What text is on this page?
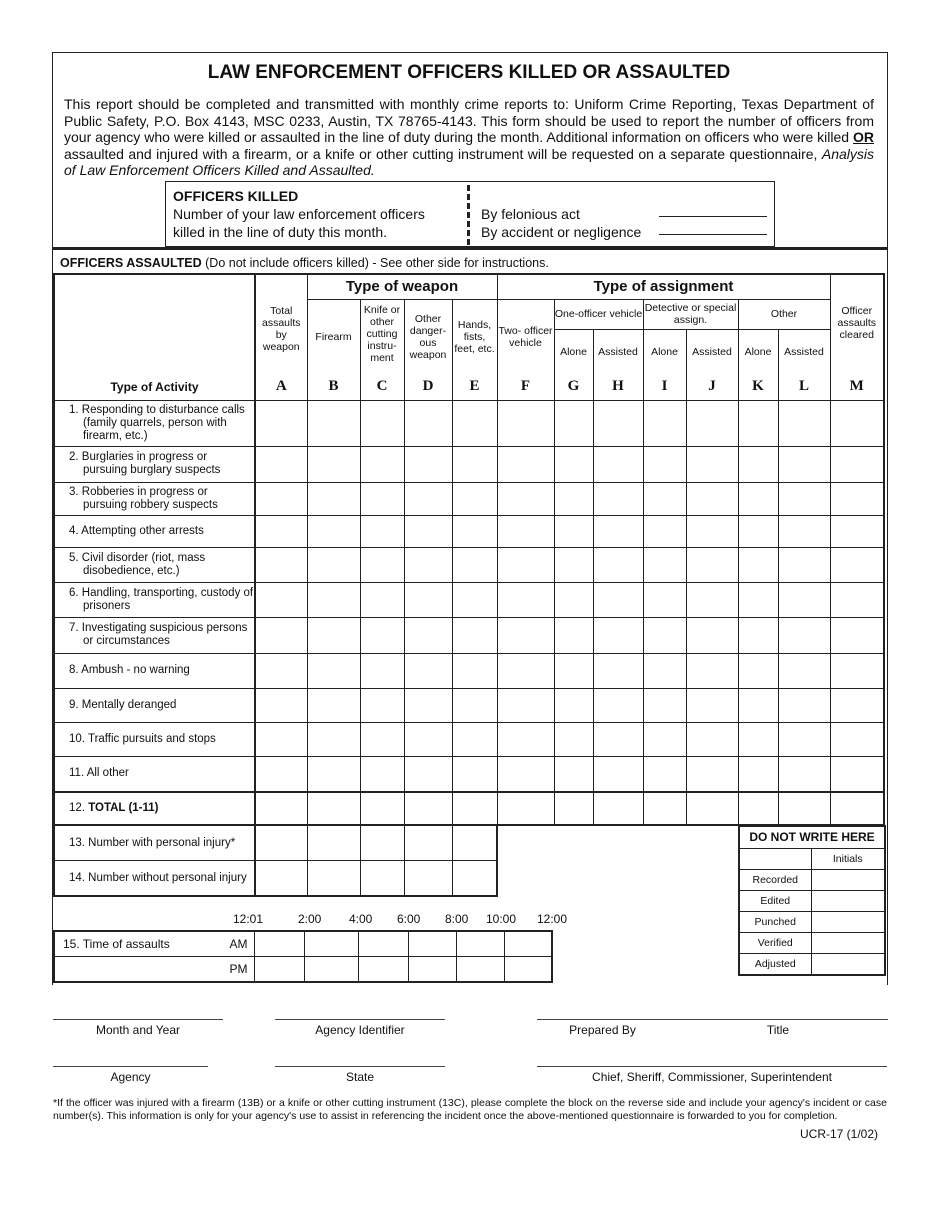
LAW ENFORCEMENT OFFICERS KILLED OR ASSAULTED
This report should be completed and transmitted with monthly crime reports to: Uniform Crime Reporting, Texas Department of Public Safety, P.O. Box 4143, MSC 0233, Austin, TX 78765-4143. This form should be used to report the number of officers from your agency who were killed or assaulted in the line of duty during the month. Additional information on officers who were killed OR assaulted and injured with a firearm, or a knife or other cutting instrument will be requested on a separate questionnaire, Analysis of Law Enforcement Officers Killed and Assaulted.
OFFICERS KILLED
Number of your law enforcement officers
killed in the line of duty this month.
By felonious act
By accident or negligence
OFFICERS ASSAULTED (Do not include officers killed) - See other side for instructions.
	Total assaults by weapon	Type of weapon				Type of assignment							Officer assaults cleared
		Firearm	Knife or other cutting instru- ment	Other danger- ous weapon	Hands, fists, feet, etc.	Two- officer vehicle	One-officer vehicle		Detective or special assign.		Other		
							Alone	Assisted	Alone	Assisted	Alone	Assisted	
Type of Activity	A	B	C	D	E	F	G	H	I	J	K	L	M

1. Responding to disturbance calls (family quarrels, person with firearm, etc.)													

2. Burglaries in progress or pursuing burglary suspects													

3. Robberies in progress or pursuing robbery suspects													

4. Attempting other arrests													

5. Civil disorder (riot, mass disobedience, etc.)													

6. Handling, transporting, custody of prisoners													

7. Investigating suspicious persons or circumstances													

8. Ambush - no warning													

9. Mentally deranged													

10. Traffic pursuits and stops													

11. All other													

12. TOTAL (1-11)													
13. Number with personal injury*					
14. Number without personal injury					
DO NOT WRITE HERE	
	Initials
Recorded	
Edited	
Punched	
Verified	
Adjusted	
12:01	2:00 4:00 6:00 8:00 10:00 12:00
15. Time of assaults AM						

PM						
Month and Year	Agency Identifier	Prepared By	Title
Agency	State	Chief, Sheriff, Commissioner, Superintendent
*If the officer was injured with a firearm (13B) or a knife or other cutting instrument (13C), please complete the block on the reverse side and include your agency's incident or case number(s). This information is only for your agency's use to assist in referencing the incident once the above-mentioned questionnaire is forwarded to you for completion.
UCR-17 (1/02)
